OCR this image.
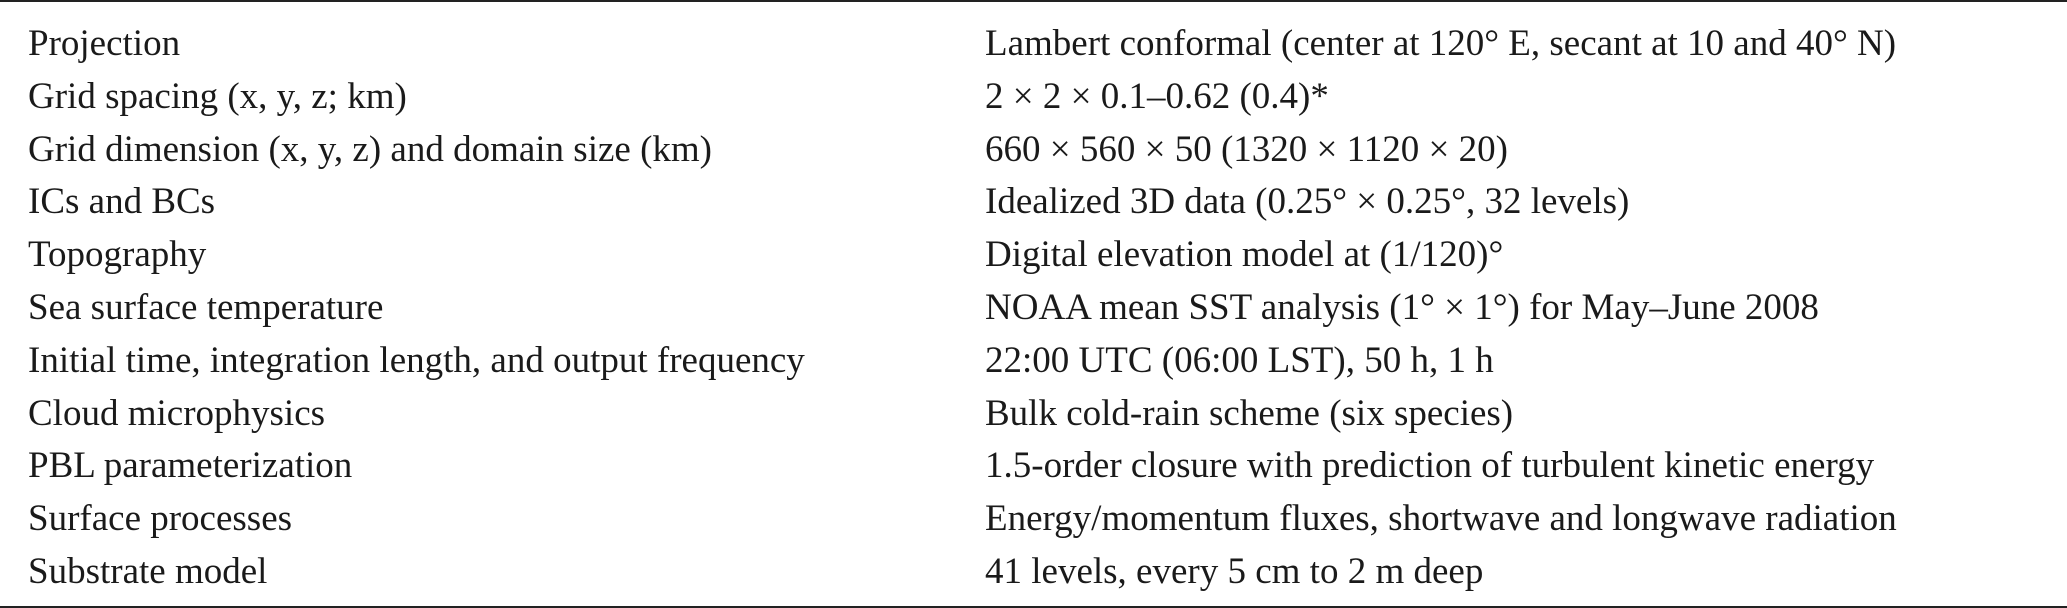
Projection	Lambert conformal (center at 120° E, secant at 10 and 40° N)
Grid spacing (x, y, z; km)	2 × 2 × 0.1–0.62 (0.4)*
Grid dimension (x, y, z) and domain size (km)	660 × 560 × 50 (1320 × 1120 × 20)
ICs and BCs	Idealized 3D data (0.25° × 0.25°, 32 levels)
Topography	Digital elevation model at (1/120)°
Sea surface temperature	NOAA mean SST analysis (1° × 1°) for May–June 2008
Initial time, integration length, and output frequency	22:00 UTC (06:00 LST), 50 h, 1 h
Cloud microphysics	Bulk cold-rain scheme (six species)
PBL parameterization	1.5-order closure with prediction of turbulent kinetic energy
Surface processes	Energy/momentum fluxes, shortwave and longwave radiation
Substrate model	41 levels, every 5 cm to 2 m deep
